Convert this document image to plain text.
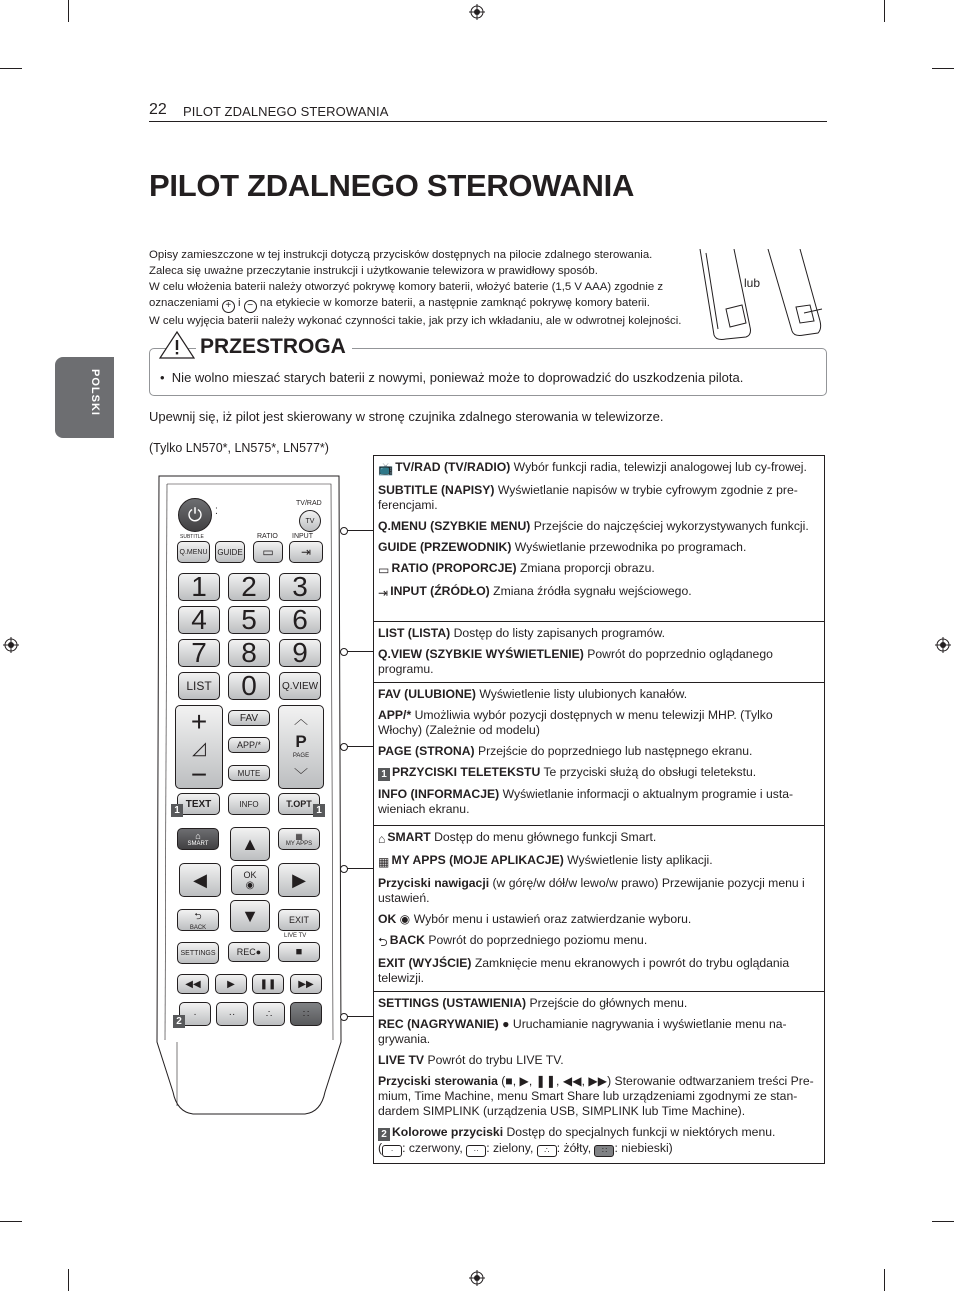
22 PILOT ZDALNEGO STEROWANIA
PILOT ZDALNEGO STEROWANIA
POLSKI
Opisy zamieszczone w tej instrukcji dotyczą przycisków dostępnych na pilocie zdalnego sterowania.
Zaleca się uważne przeczytanie instrukcji i użytkowanie telewizora w prawidłowy sposób.
W celu włożenia baterii należy otworzyć pokrywę komory baterii, włożyć baterie (1,5 V AAA) zgodnie z
oznaczeniami + i − na etykiecie w komorze baterii, a następnie zamknąć pokrywę komory baterii.
W celu wyjęcia baterii należy wykonać czynności takie, jak przy ich wkładaniu, ale w odwrotnej kolejności.
lub
PRZESTROGA
• Nie wolno mieszać starych baterii z nowymi, ponieważ może to doprowadzić do uszkodzenia pilota.
Upewnij się, iż pilot jest skierowany w stronę czujnika zdalnego sterowania w telewizorze.
(Tylko LN570*, LN575*, LN577*)
⏻	⁚
TV/RAD
TV
SUBTITLE	RATIO INPUT
Q.MENU	GUIDE	▭	⇥
1	2	3
4	5	6
7	8	9
LIST	0	Q.VIEW
+
◿
−
FAV
APP/*
MUTE
︿
P
PAGE
﹀
TEXT	INFO	T.OPT
1	1
⌂
SMART
▦
MY APPS
▲
◀	OK
◉	▶
▼
⮌
BACK
EXIT
LIVE TV
SETTINGS	REC ●	■
◀◀	▶	❚❚	▶▶
·	··	∴	∷
2
📺 TV/RAD (TV/RADIO) Wybór funkcji radia, telewizji analogowej lub cy-frowej.
SUBTITLE (NAPISY) Wyświetlanie napisów w trybie cyfrowym zgodnie z pre-ferencjami.
Q.MENU (SZYBKIE MENU) Przejście do najczęściej wykorzystywanych funkcji.
GUIDE (PRZEWODNIK) Wyświetlanie przewodnika po programach.
▭ RATIO (PROPORCJE) Zmiana proporcji obrazu.
⇥ INPUT (ŹRÓDŁO) Zmiana źródła sygnału wejściowego.
LIST (LISTA) Dostęp do listy zapisanych programów.
Q.VIEW (SZYBKIE WYŚWIETLENIE) Powrót do poprzednio oglądanego programu.
FAV (ULUBIONE) Wyświetlenie listy ulubionych kanałów.
APP/* Umożliwia wybór pozycji dostępnych w menu telewizji MHP. (Tylko Włochy) (Zależnie od modelu)
PAGE (STRONA) Przejście do poprzedniego lub następnego ekranu.
1 PRZYCISKI TELETEKSTU Te przyciski służą do obsługi teletekstu.
INFO (INFORMACJE) Wyświetlanie informacji o aktualnym programie i usta-wieniach ekranu.
⌂ SMART Dostęp do menu głównego funkcji Smart.
▦ MY APPS (MOJE APLIKACJE) Wyświetlenie listy aplikacji.
Przyciski nawigacji (w górę/w dół/w lewo/w prawo) Przewijanie pozycji menu i ustawień.
OK ◉ Wybór menu i ustawień oraz zatwierdzanie wyboru.
⮌ BACK Powrót do poprzedniego poziomu menu.
EXIT (WYJŚCIE) Zamknięcie menu ekranowych i powrót do trybu oglądania telewizji.
SETTINGS (USTAWIENIA) Przejście do głównych menu.
REC (NAGRYWANIE) ● Uruchamianie nagrywania i wyświetlanie menu na-grywania.
LIVE TV Powrót do trybu LIVE TV.
Przyciski sterowania (■, ▶, ❚❚, ◀◀, ▶▶) Sterowanie odtwarzaniem treści Pre-mium, Time Machine, menu Smart Share lub urządzeniami zgodnymi ze stan-dardem SIMPLINK (urządzenia USB, SIMPLINK lub Time Machine).
2 Kolorowe przyciski Dostęp do specjalnych funkcji w niektórych menu.
( · : czerwony, ·· : zielony, ∴ : żółty, ∷ : niebieski)
